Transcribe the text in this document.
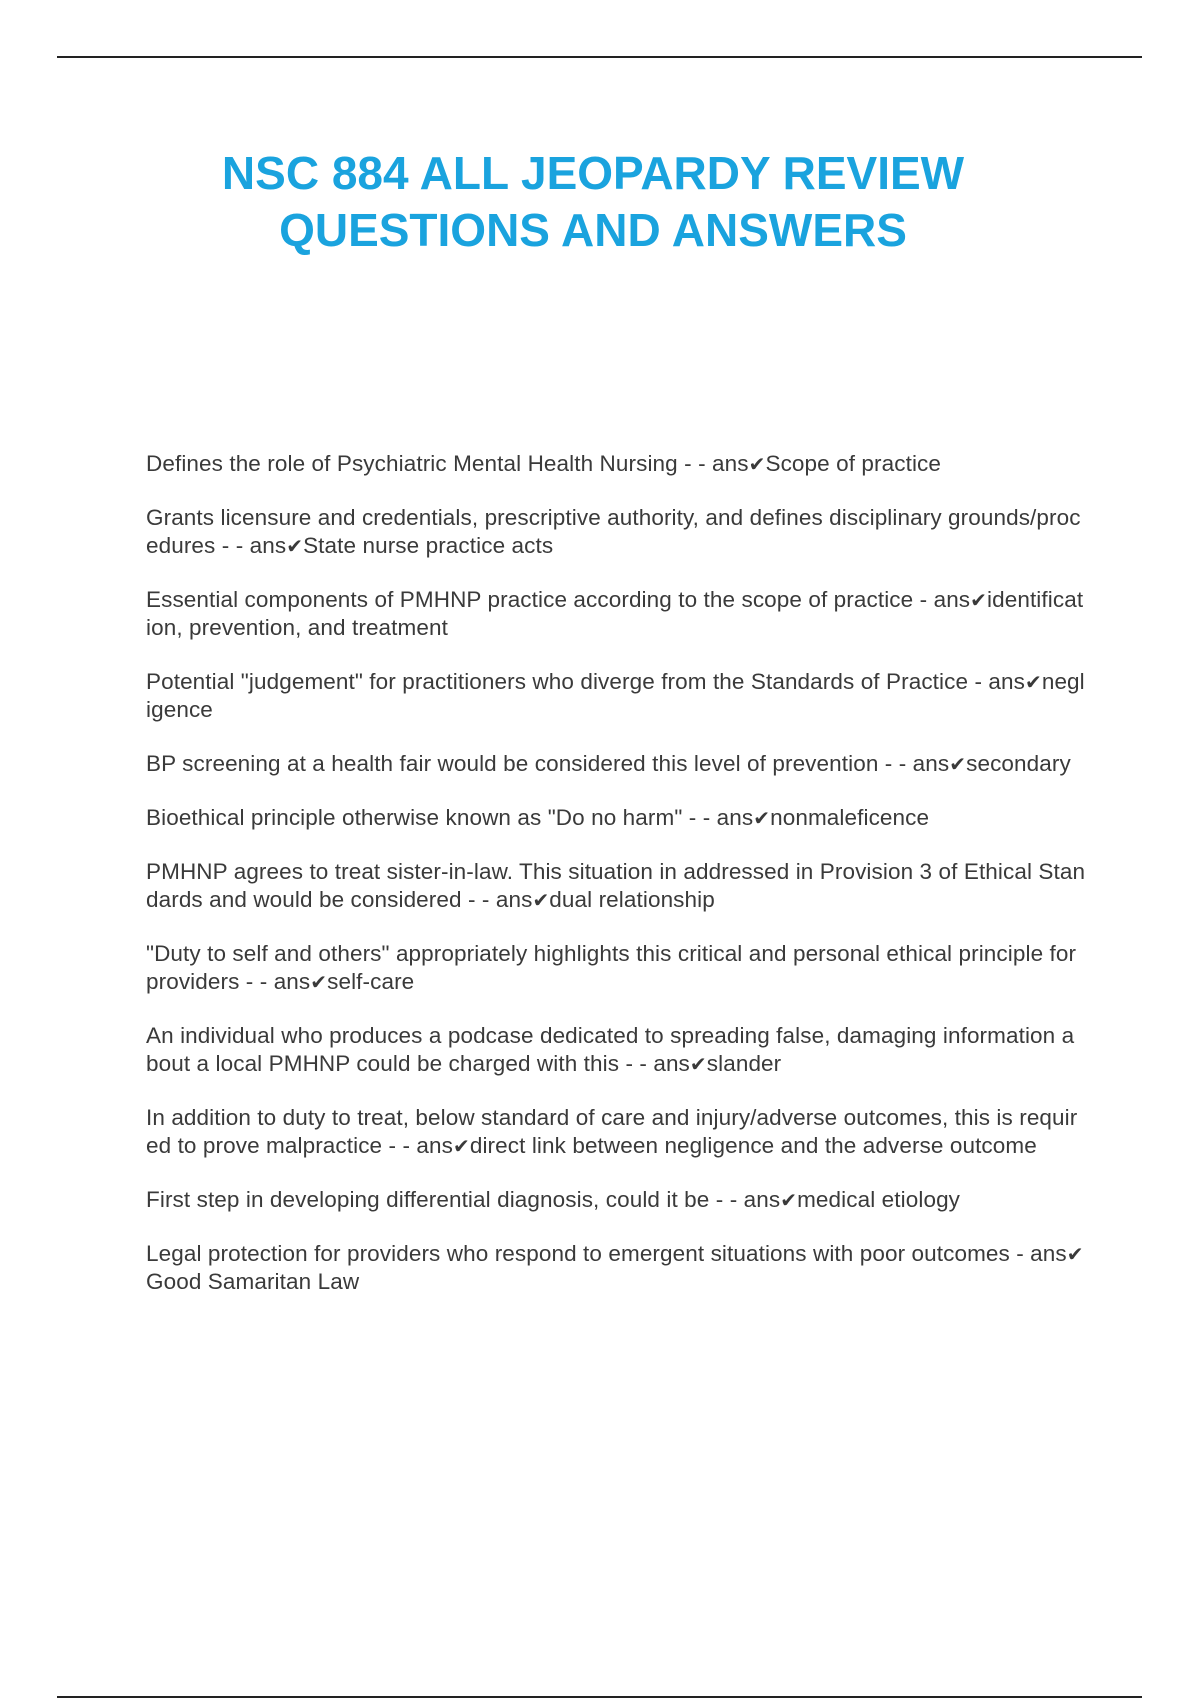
NSC 884 ALL JEOPARDY REVIEW
QUESTIONS AND ANSWERS
Defines the role of Psychiatric Mental Health Nursing - - ans✔Scope of practice
Grants licensure and credentials, prescriptive authority, and defines disciplinary grounds/procedures - - ans✔State nurse practice acts
Essential components of PMHNP practice according to the scope of practice - ans✔identification, prevention, and treatment
Potential "judgement" for practitioners who diverge from the Standards of Practice - ans✔negligence
BP screening at a health fair would be considered this level of prevention - - ans✔secondary
Bioethical principle otherwise known as "Do no harm" - - ans✔nonmaleficence
PMHNP agrees to treat sister-in-law. This situation in addressed in Provision 3 of Ethical Standards and would be considered - - ans✔dual relationship
"Duty to self and others" appropriately highlights this critical and personal ethical principle for providers - - ans✔self-care
An individual who produces a podcase dedicated to spreading false, damaging information about a local PMHNP could be charged with this - - ans✔slander
In addition to duty to treat, below standard of care and injury/adverse outcomes, this is required to prove malpractice - - ans✔direct link between negligence and the adverse outcome
First step in developing differential diagnosis, could it be - - ans✔medical etiology
Legal protection for providers who respond to emergent situations with poor outcomes - ans✔Good Samaritan Law
